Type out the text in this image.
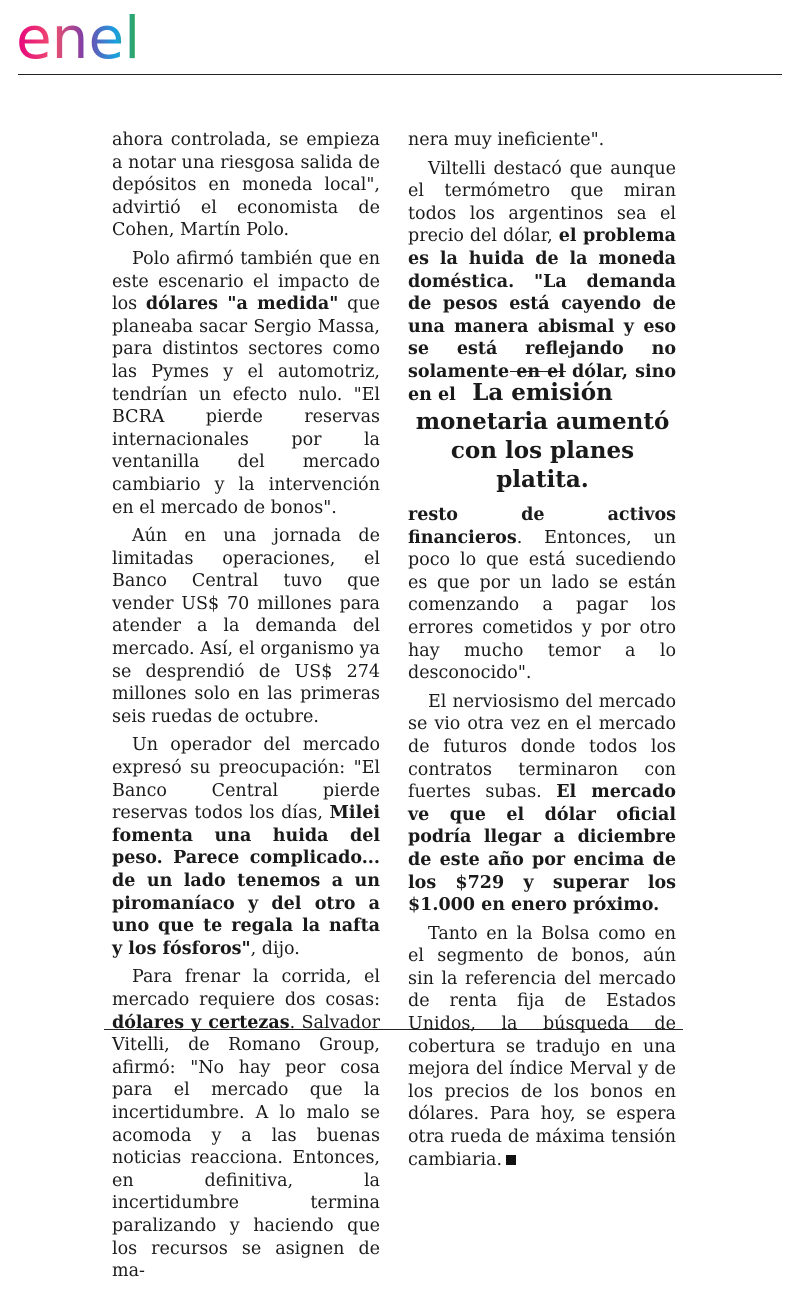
enel

ahora controlada, se empieza a notar una riesgosa salida de depósitos en moneda local", advirtió el economista de Cohen, Martín Polo.

Polo afirmó también que en este escenario el impacto de los dólares "a medida" que planeaba sacar Sergio Massa, para distintos sectores como las Pymes y el automotriz, tendrían un efecto nulo. "El BCRA pierde reservas internacionales por la ventanilla del mercado cambiario y la intervención en el mercado de bonos".

Aún en una jornada de limitadas operaciones, el Banco Central tuvo que vender US$ 70 millones para atender a la demanda del mercado. Así, el organismo ya se desprendió de US$ 274 millones solo en las primeras seis ruedas de octubre.

Un operador del mercado expresó su preocupación: "El Banco Central pierde reservas todos los días, Milei fomenta una huida del peso. Parece complicado... de un lado tenemos a un piromaníaco y del otro a uno que te regala la nafta y los fósforos", dijo.

Para frenar la corrida, el mercado requiere dos cosas: dólares y certezas. Salvador Vitelli, de Romano Group, afirmó: "No hay peor cosa para el mercado que la incertidumbre. A lo malo se acomoda y a las buenas noticias reacciona. Entonces, en definitiva, la incertidumbre termina paralizando y haciendo que los recursos se asignen de ma-

nera muy ineficiente".

Viltelli destacó que aunque el termómetro que miran todos los argentinos sea el precio del dólar, el problema es la huida de la moneda doméstica. "La demanda de pesos está cayendo de una manera abismal y eso se está reflejando no solamente en el dólar, sino en el La emisión monetaria aumentó con los planes platita.

resto de activos financieros. Entonces, un poco lo que está sucediendo es que por un lado se están comenzando a pagar los errores cometidos y por otro hay mucho temor a lo desconocido".

El nerviosismo del mercado se vio otra vez en el mercado de futuros donde todos los contratos terminaron con fuertes subas. El mercado ve que el dólar oficial podría llegar a diciembre de este año por encima de los $729 y superar los $1.000 en enero próximo.

Tanto en la Bolsa como en el segmento de bonos, aún sin la referencia del mercado de renta fija de Estados Unidos, la búsqueda de cobertura se tradujo en una mejora del índice Merval y de los precios de los bonos en dólares. Para hoy, se espera otra rueda de máxima tensión cambiaria.
